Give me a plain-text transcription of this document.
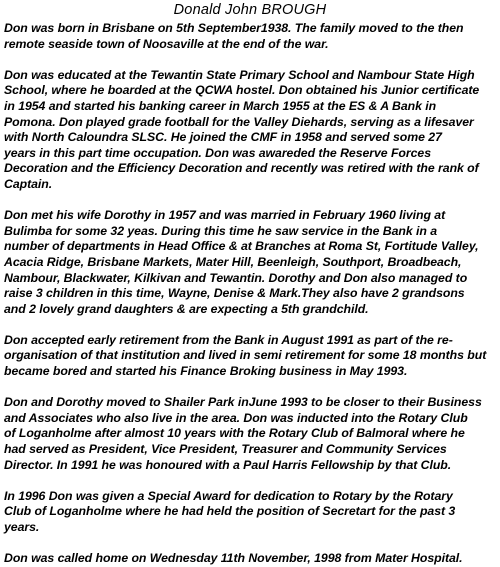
Donald John BROUGH
Don was born in Brisbane on 5th September1938. The family moved to the then
remote seaside town of Noosaville at the end of the war.
Don was educated at the Tewantin State Primary School and Nambour State High
School, where he boarded at the QCWA hostel. Don obtained his Junior certificate
in 1954 and started his banking career in March 1955 at the ES & A Bank in
Pomona. Don played grade football for the Valley Diehards, serving as a lifesaver
with North Caloundra SLSC. He joined the CMF in 1958 and served some 27
years in this part time occupation. Don was awareded the Reserve Forces
Decoration and the Efficiency Decoration and recently was retired with the rank of
Captain.
Don met his wife Dorothy in 1957 and was married in February 1960 living at
Bulimba for some 32 yeas. During this time he saw service in the Bank in a
number of departments in Head Office & at Branches at Roma St, Fortitude Valley,
Acacia Ridge, Brisbane Markets, Mater Hill, Beenleigh, Southport, Broadbeach,
Nambour, Blackwater, Kilkivan and Tewantin. Dorothy and Don also managed to
raise 3 children in this time, Wayne, Denise & Mark.They also have 2 grandsons
and 2 lovely grand daughters & are expecting a 5th grandchild.
Don accepted early retirement from the Bank in August 1991 as part of the re-
organisation of that institution and lived in semi retirement for some 18 months but
became bored and started his Finance Broking business in May 1993.
Don and Dorothy moved to Shailer Park inJune 1993 to be closer to their Business
and Associates who also live in the area. Don was inducted into the Rotary Club
of Loganholme after almost 10 years with the Rotary Club of Balmoral where he
had served as President, Vice President, Treasurer and Community Services
Director. In 1991 he was honoured with a Paul Harris Fellowship by that Club.
In 1996 Don was given a Special Award for dedication to Rotary by the Rotary
Club of Loganholme where he had held the position of Secretart for the past 3
years.
Don was called home on Wednesday 11th November, 1998 from Mater Hospital.
